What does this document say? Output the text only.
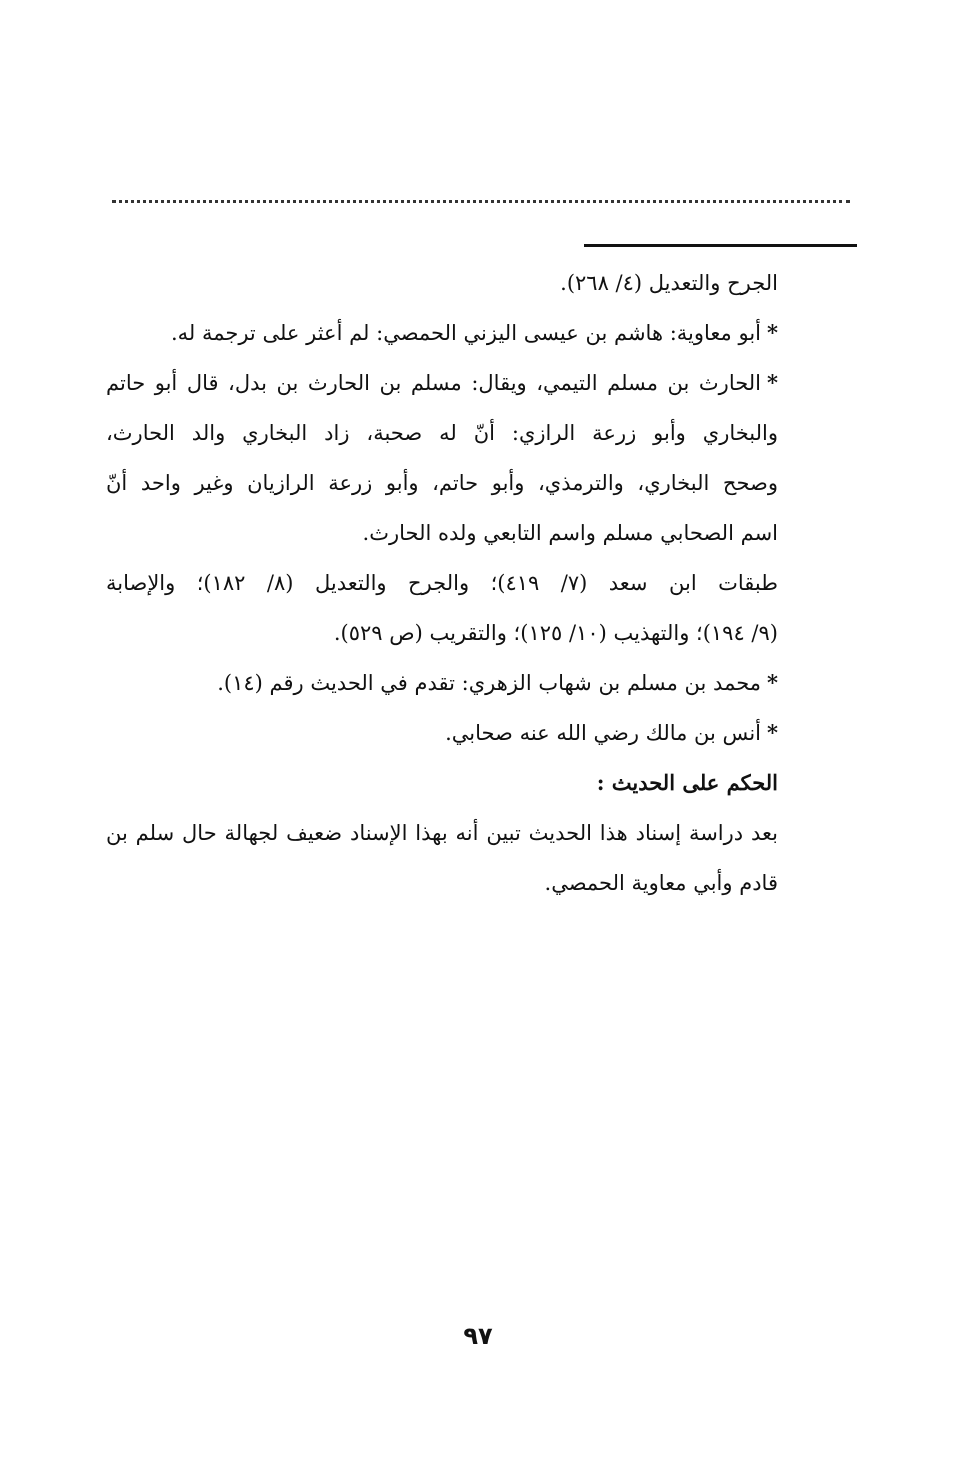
الجرح والتعديل (٤/ ٢٦٨).
*أبو معاوية: هاشم بن عيسى اليزني الحمصي: لم أعثر على ترجمة له.
*الحارث بن مسلم التيمي، ويقال: مسلم بن الحارث بن بدل، قال أبو حاتم
والبخاري وأبو زرعة الرازي: أنّ له صحبة، زاد البخاري والد الحارث،
وصحح البخاري، والترمذي، وأبو حاتم، وأبو زرعة الرازيان وغير واحد أنّ
اسم الصحابي مسلم واسم التابعي ولده الحارث.
طبقات ابن سعد (٧/ ٤١٩)؛ والجرح والتعديل (٨/ ١٨٢)؛ والإصابة
(٩/ ١٩٤)؛ والتهذيب (١٠/ ١٢٥)؛ والتقريب (ص ٥٢٩).
*محمد بن مسلم بن شهاب الزهري: تقدم في الحديث رقم (١٤).
*أنس بن مالك رضي الله عنه صحابي.
الحكم على الحديث :
بعد دراسة إسناد هذا الحديث تبين أنه بهذا الإسناد ضعيف لجهالة حال سلم بن
قادم وأبي معاوية الحمصي.
٩٧
